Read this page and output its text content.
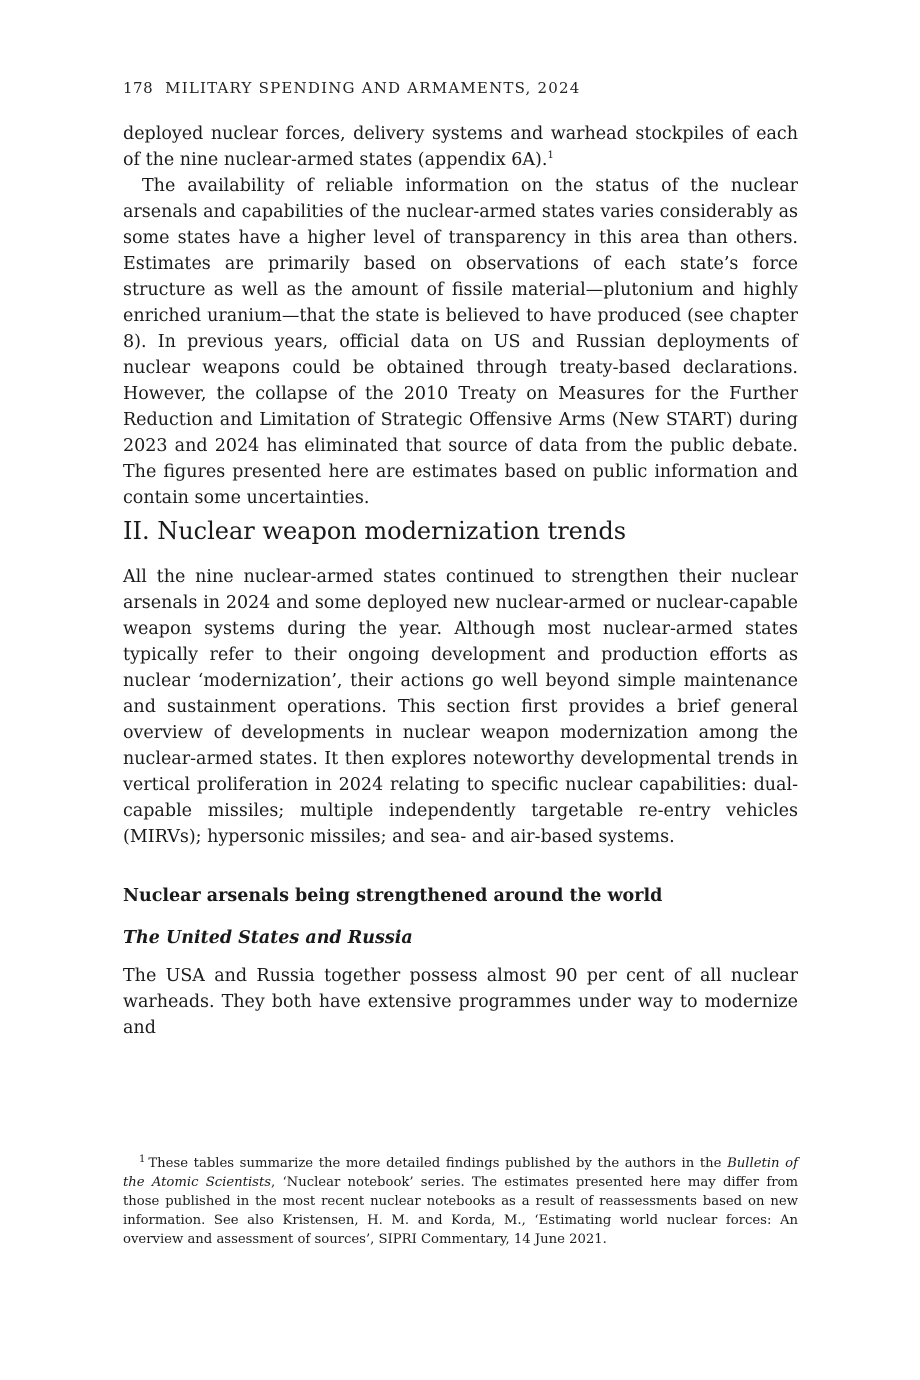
178 MILITARY SPENDING AND ARMAMENTS, 2024

deployed nuclear forces, delivery systems and warhead stockpiles of each of the nine nuclear-armed states (appendix 6A).$^1$

The availability of reliable information on the status of the nuclear arsenals and capabilities of the nuclear-armed states varies considerably as some states have a higher level of transparency in this area than others. Estimates are primarily based on observations of each state’s force structure as well as the amount of fissile material—plutonium and highly enriched uranium—that the state is believed to have produced (see chapter 8). In previous years, official data on US and Russian deployments of nuclear weapons could be obtained through treaty-based declarations. However, the collapse of the 2010 Treaty on Measures for the Further Reduction and Limitation of Strategic Offensive Arms (New START) during 2023 and 2024 has eliminated that source of data from the public debate. The figures presented here are estimates based on public information and contain some uncertainties.

II. Nuclear weapon modernization trends

All the nine nuclear-armed states continued to strengthen their nuclear arsenals in 2024 and some deployed new nuclear-armed or nuclear-capable weapon systems during the year. Although most nuclear-armed states typically refer to their ongoing development and production efforts as nuclear ‘modernization’, their actions go well beyond simple maintenance and sustainment operations. This section first provides a brief general overview of developments in nuclear weapon modernization among the nuclear-armed states. It then explores noteworthy developmental trends in vertical proliferation in 2024 relating to specific nuclear capabilities: dual-capable missiles; multiple independently targetable re-entry vehicles (MIRVs); hypersonic missiles; and sea- and air-based systems.

Nuclear arsenals being strengthened around the world
The United States and Russia

The USA and Russia together possess almost 90 per cent of all nuclear warheads. They both have extensive programmes under way to modernize and

$^1$ These tables summarize the more detailed findings published by the authors in the Bulletin of the Atomic Scientists, ‘Nuclear notebook’ series. The estimates presented here may differ from those published in the most recent nuclear notebooks as a result of reassessments based on new information. See also Kristensen, H. M. and Korda, M., ‘Estimating world nuclear forces: An overview and assessment of sources’, SIPRI Commentary, 14 June 2021.
